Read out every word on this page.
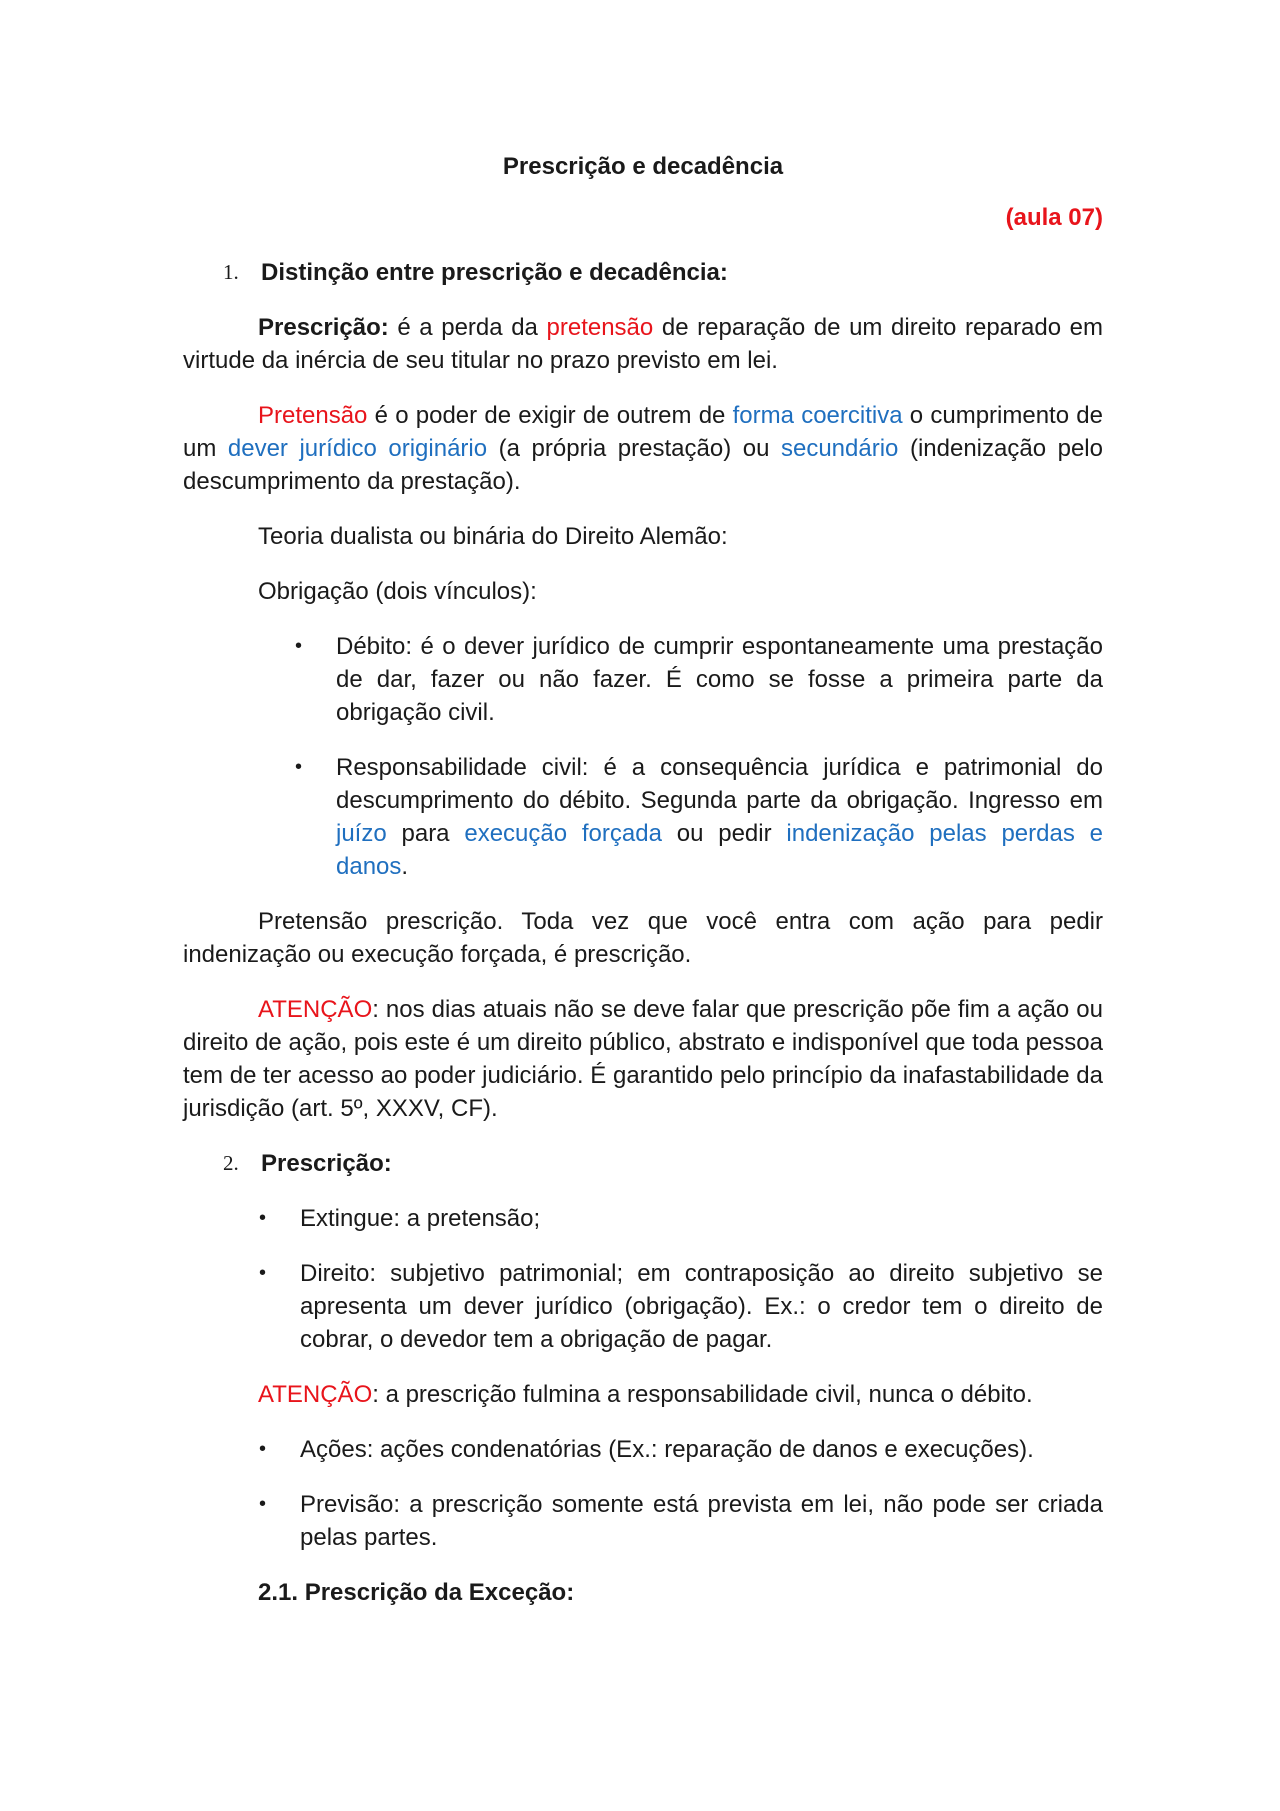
Prescrição e decadência
(aula 07)
1. Distinção entre prescrição e decadência:

Prescrição: é a perda da pretensão de reparação de um direito reparado em virtude da inércia de seu titular no prazo previsto em lei.

Pretensão é o poder de exigir de outrem de forma coercitiva o cumprimento de um dever jurídico originário (a própria prestação) ou secundário (indenização pelo descumprimento da prestação).

Teoria dualista ou binária do Direito Alemão:

Obrigação (dois vínculos):

• Débito: é o dever jurídico de cumprir espontaneamente uma prestação de dar, fazer ou não fazer. É como se fosse a primeira parte da obrigação civil.
• Responsabilidade civil: é a consequência jurídica e patrimonial do descumprimento do débito. Segunda parte da obrigação. Ingresso em juízo para execução forçada ou pedir indenização pelas perdas e danos.

Pretensão prescrição. Toda vez que você entra com ação para pedir indenização ou execução forçada, é prescrição.

ATENÇÃO: nos dias atuais não se deve falar que prescrição põe fim a ação ou direito de ação, pois este é um direito público, abstrato e indisponível que toda pessoa tem de ter acesso ao poder judiciário. É garantido pelo princípio da inafastabilidade da jurisdição (art. 5º, XXXV, CF).

2. Prescrição:
• Extingue: a pretensão;
• Direito: subjetivo patrimonial; em contraposição ao direito subjetivo se apresenta um dever jurídico (obrigação). Ex.: o credor tem o direito de cobrar, o devedor tem a obrigação de pagar.

ATENÇÃO: a prescrição fulmina a responsabilidade civil, nunca o débito.

• Ações: ações condenatórias (Ex.: reparação de danos e execuções).
• Previsão: a prescrição somente está prevista em lei, não pode ser criada pelas partes.
2.1. Prescrição da Exceção:
